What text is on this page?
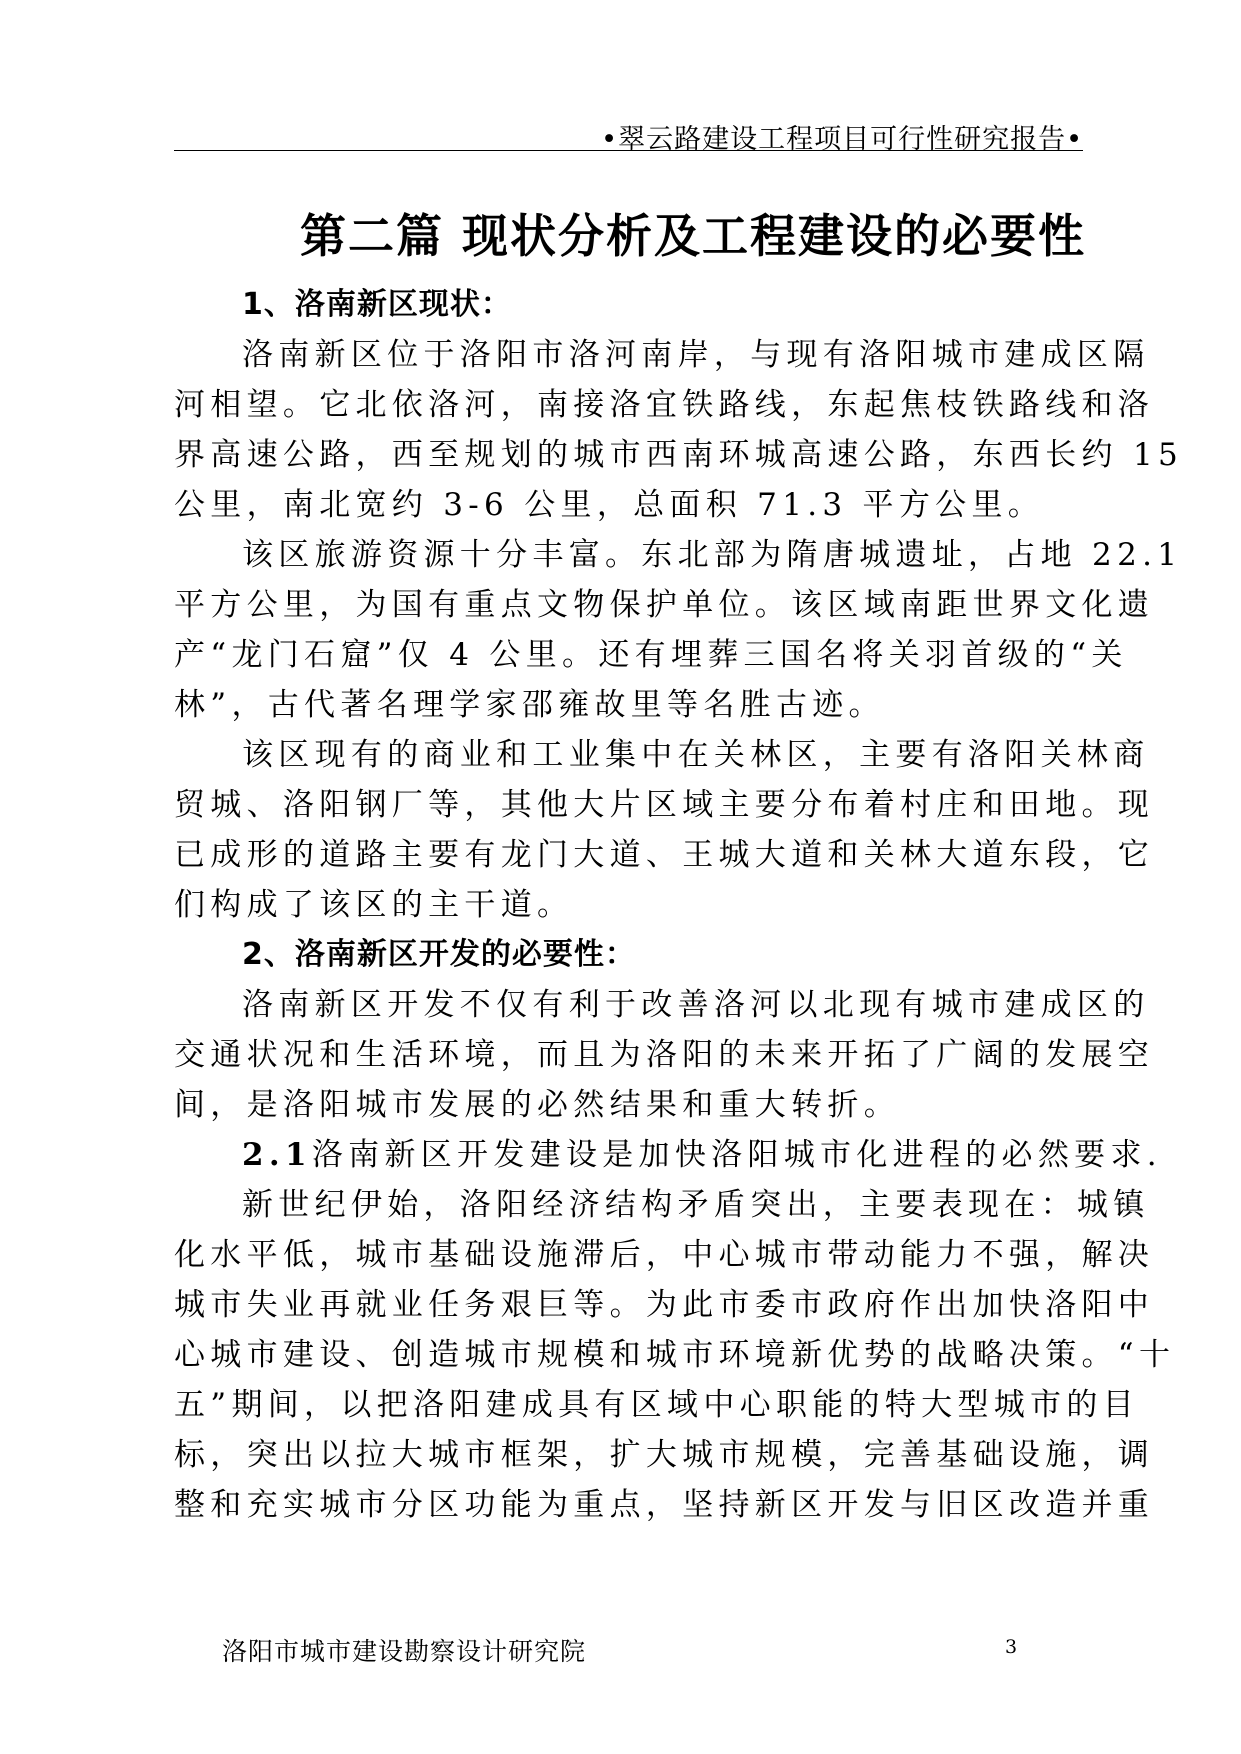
•翠云路建设工程项目可行性研究报告•
第二篇 现状分析及工程建设的必要性
1、洛南新区现状：
洛南新区位于洛阳市洛河南岸，与现有洛阳城市建成区隔
河相望。它北依洛河，南接洛宜铁路线，东起焦枝铁路线和洛
界高速公路，西至规划的城市西南环城高速公路，东西长约 15
公里，南北宽约 3-6 公里，总面积 71.3 平方公里。
该区旅游资源十分丰富。东北部为隋唐城遗址，占地 22.1
平方公里，为国有重点文物保护单位。该区域南距世界文化遗
产“龙门石窟”仅 4 公里。还有埋葬三国名将关羽首级的“关
林”，古代著名理学家邵雍故里等名胜古迹。
该区现有的商业和工业集中在关林区，主要有洛阳关林商
贸城、洛阳钢厂等，其他大片区域主要分布着村庄和田地。现
已成形的道路主要有龙门大道、王城大道和关林大道东段，它
们构成了该区的主干道。
2、洛南新区开发的必要性：
洛南新区开发不仅有利于改善洛河以北现有城市建成区的
交通状况和生活环境，而且为洛阳的未来开拓了广阔的发展空
间，是洛阳城市发展的必然结果和重大转折。
2.1洛南新区开发建设是加快洛阳城市化进程的必然要求.
新世纪伊始，洛阳经济结构矛盾突出，主要表现在：城镇
化水平低，城市基础设施滞后，中心城市带动能力不强，解决
城市失业再就业任务艰巨等。为此市委市政府作出加快洛阳中
心城市建设、创造城市规模和城市环境新优势的战略决策。“十
五”期间，以把洛阳建成具有区域中心职能的特大型城市的目
标，突出以拉大城市框架，扩大城市规模，完善基础设施，调
整和充实城市分区功能为重点，坚持新区开发与旧区改造并重
洛阳市城市建设勘察设计研究院	3
